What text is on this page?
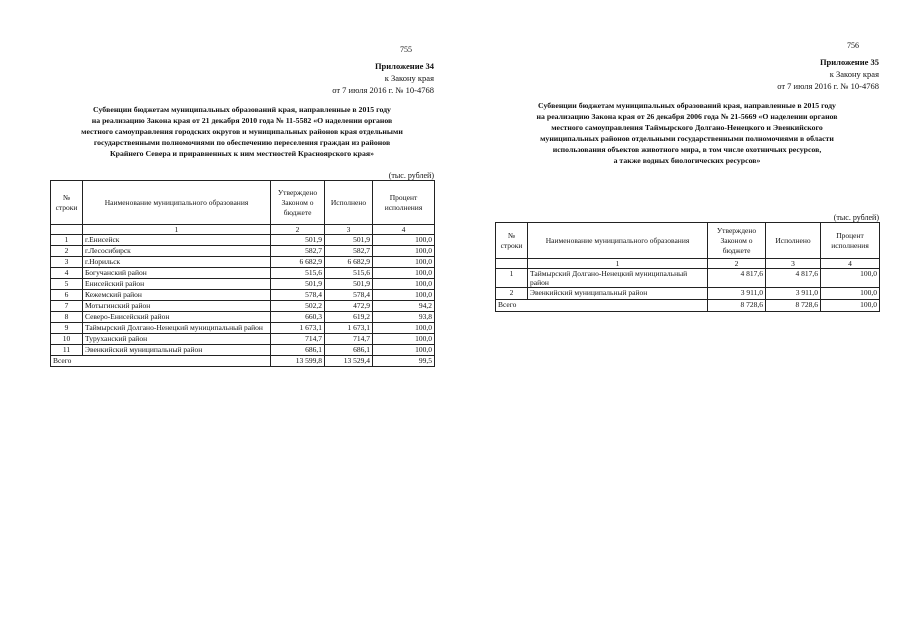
755
Приложение 34
к Закону края
от 7 июля 2016 г. № 10-4768
Субвенции бюджетам муниципальных образований края, направленные в 2015 году
на реализацию Закона края от 21 декабря 2010 года № 11-5582 «О наделении органов
местного самоуправления городских округов и муниципальных районов края отдельными
государственными полномочиями по обеспечению переселения граждан из районов
Крайнего Севера и приравненных к ним местностей Красноярского края»
(тыс. рублей)
№ строки	Наименование муниципального образования	Утверждено Законом о бюджете	Исполнено	Процент исполнения
	1	2	3	4
1	г.Енисейск	501,9	501,9	100,0
2	г.Лесосибирск	582,7	582,7	100,0
3	г.Норильск	6 682,9	6 682,9	100,0
4	Богучанский район	515,6	515,6	100,0
5	Енисейский район	501,9	501,9	100,0
6	Кежемский район	578,4	578,4	100,0
7	Мотыгинский район	502,2	472,9	94,2
8	Северо-Енисейский район	660,3	619,2	93,8
9	Таймырский Долгано-Ненецкий муниципальный район	1 673,1	1 673,1	100,0
10	Туруханский район	714,7	714,7	100,0
11	Эвенкийский муниципальный район	686,1	686,1	100,0
Всего		13 599,8	13 529,4	99,5
756
Приложение 35
к Закону края
от 7 июля 2016 г. № 10-4768
Субвенции бюджетам муниципальных образований края, направленные в 2015 году
на реализацию Закона края от 26 декабря 2006 года № 21-5669 «О наделении органов
местного самоуправления Таймырского Долгано-Ненецкого и Эвенкийского
муниципальных районов отдельными государственными полномочиями в области
использования объектов животного мира, в том числе охотничьих ресурсов,
а также водных биологических ресурсов»
(тыс. рублей)
№ строки	Наименование муниципального образования	Утверждено Законом о бюджете	Исполнено	Процент исполнения
	1	2	3	4
1	Таймырский Долгано-Ненецкий муниципальный район	4 817,6	4 817,6	100,0
2	Эвенкийский муниципальный район	3 911,0	3 911,0	100,0
Всего		8 728,6	8 728,6	100,0
